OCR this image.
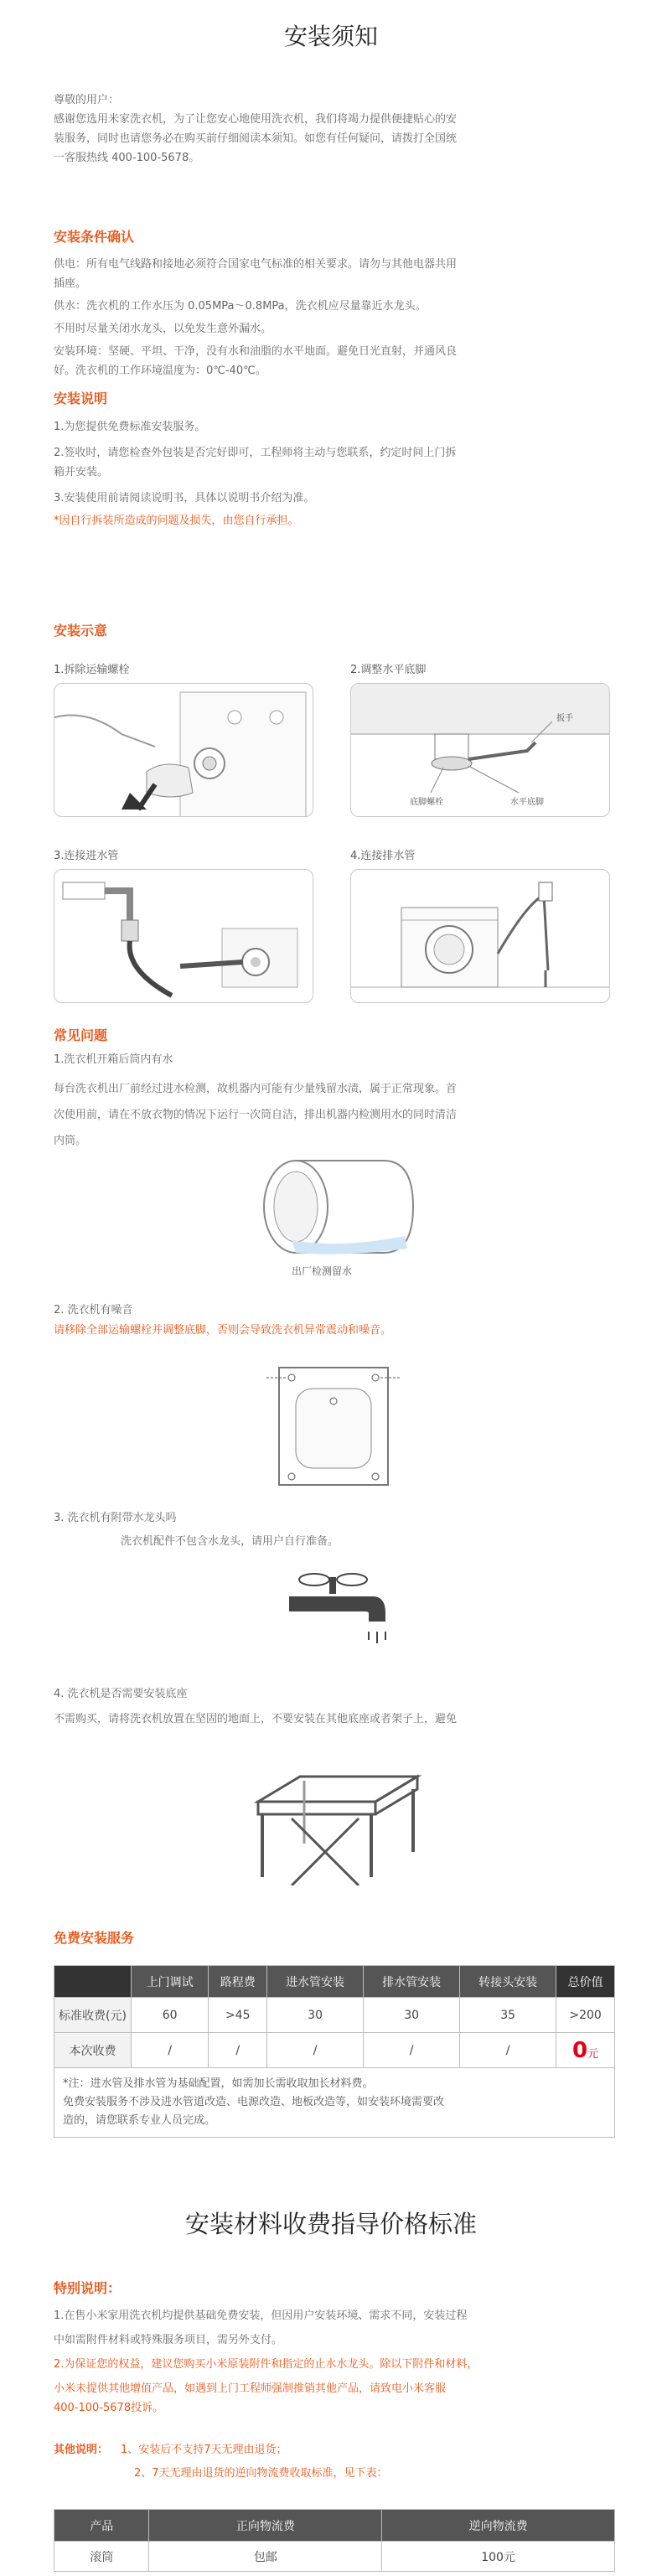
安装须知
尊敬的用户：
感谢您选用米家洗衣机，为了让您安心地使用洗衣机，我们将竭力提供便捷贴心的安
装服务，同时也请您务必在购买前仔细阅读本须知。如您有任何疑问，请拨打全国统
一客服热线 400-100-5678。
安装条件确认
供电：所有电气线路和接地必须符合国家电气标准的相关要求。请勿与其他电器共用
插座。
供水：洗衣机的工作水压为 0.05MPa～0.8MPa，洗衣机应尽量靠近水龙头。
不用时尽量关闭水龙头，以免发生意外漏水。
安装环境：坚硬、平坦、干净，没有水和油脂的水平地面。避免日光直射，并通风良
好。洗衣机的工作环境温度为：0℃-40℃。
安装说明
1.为您提供免费标准安装服务。
2.签收时，请您检查外包装是否完好即可，工程师将主动与您联系，约定时间上门拆
箱并安装。
3.安装使用前请阅读说明书，具体以说明书介绍为准。
*因自行拆装所造成的问题及损失，由您自行承担。
安装示意
1.拆除运输螺栓	2.调整水平底脚
扳手
底脚螺栓	水平底脚
3.连接进水管	4.连接排水管
常见问题
1.洗衣机开箱后筒内有水
每台洗衣机出厂前经过进水检测，故机器内可能有少量残留水渍，属于正常现象。首
次使用前，请在不放衣物的情况下运行一次筒自洁，排出机器内检测用水的同时清洁
内筒。
出厂检测留水
2. 洗衣机有噪音
请移除全部运输螺栓并调整底脚，否则会导致洗衣机异常震动和噪音。
3. 洗衣机有附带水龙头吗
洗衣机配件不包含水龙头，请用户自行准备。
4. 洗衣机是否需要安装底座
不需购买，请将洗衣机放置在坚固的地面上，不要安装在其他底座或者架子上，避免
免费安装服务
	上门调试	路程费	进水管安装	排水管安装	转接头安装	总价值
标准收费(元)	60	>45	30	30	35	>200
本次收费	/	/	/	/	/	0元

*注：进水管及排水管为基础配置，如需加长需收取加长材料费。
免费安装服务不涉及进水管道改造、电源改造、地板改造等，如安装环境需要改
造的，请您联系专业人员完成。						
安装材料收费指导价格标准
特别说明：
1.在售小米家用洗衣机均提供基础免费安装，但因用户安装环境、需求不同，安装过程
中如需附件材料或特殊服务项目，需另外支付。
2.为保证您的权益，建议您购买小米原装附件和指定的止水水龙头。除以下附件和材料，
小米未提供其他增值产品，如遇到上门工程师强制推销其他产品，请致电小米客服
400-100-5678投诉。
其他说明： 1、安装后不支持7天无理由退货；
2、7天无理由退货的逆向物流费收取标准，见下表：
产品	正向物流费	逆向物流费
滚筒	包邮	100元
